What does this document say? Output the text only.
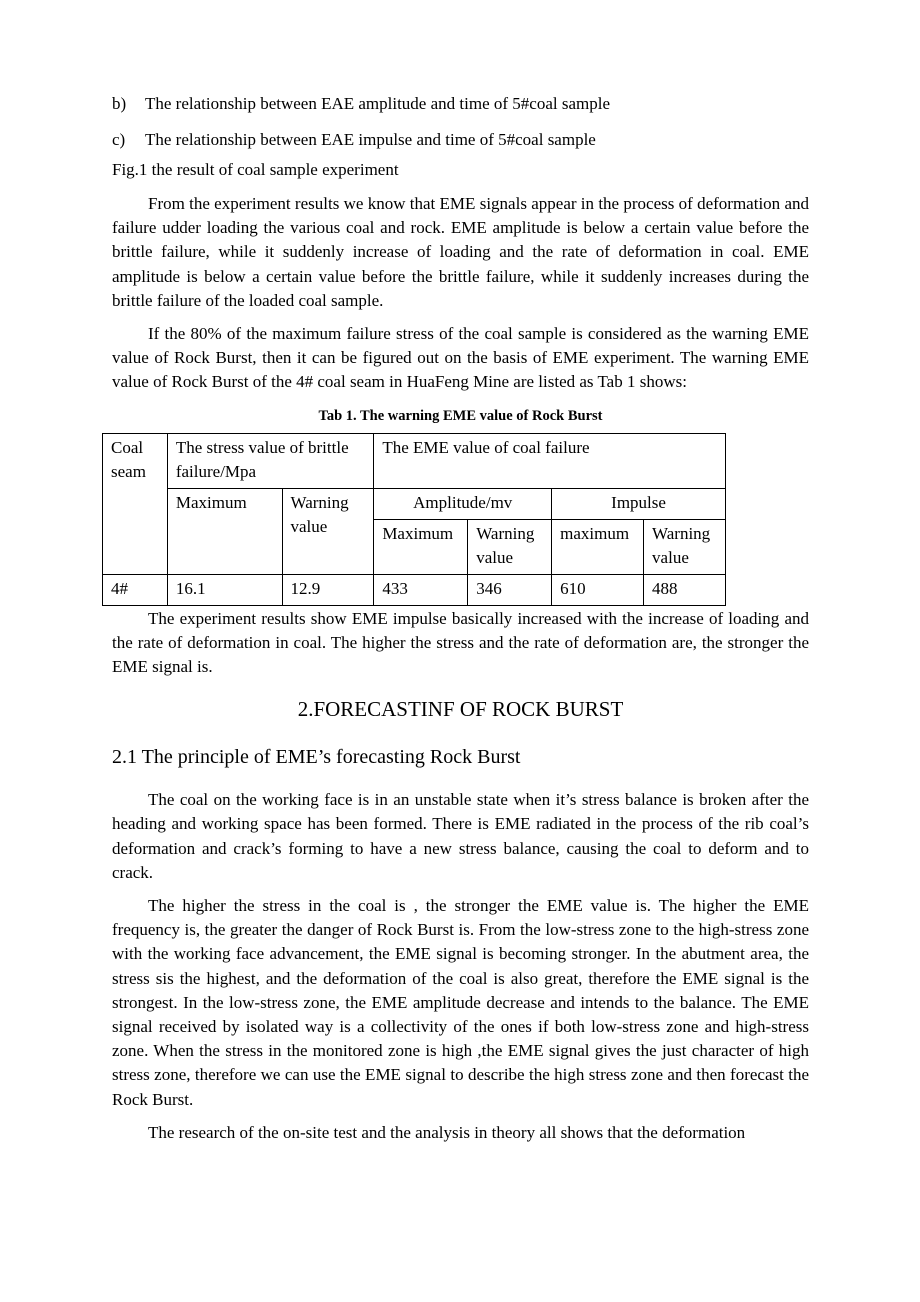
b) The relationship between EAE amplitude and time of 5#coal sample

c) The relationship between EAE impulse and time of 5#coal sample

Fig.1 the result of coal sample experiment

From the experiment results we know that EME signals appear in the process of deformation and failure udder loading the various coal and rock. EME amplitude is below a certain value before the brittle failure, while it suddenly increase of loading and the rate of deformation in coal. EME amplitude is below a certain value before the brittle failure, while it suddenly increases during the brittle failure of the loaded coal sample.

If the 80% of the maximum failure stress of the coal sample is considered as the warning EME value of Rock Burst, then it can be figured out on the basis of EME experiment. The warning EME value of Rock Burst of the 4# coal seam in HuaFeng Mine are listed as Tab 1 shows:

Tab 1. The warning EME value of Rock Burst

Coal seam	The stress value of brittle failure/Mpa		The EME value of coal failure			
	Maximum	Warning value	Amplitude/mv		Impulse	
			Maximum	Warning value	maximum	Warning value
4#	16.1	12.9	433	346	610	488

The experiment results show EME impulse basically increased with the increase of loading and the rate of deformation in coal. The higher the stress and the rate of deformation are, the stronger the EME signal is.

2.FORECASTINF OF ROCK BURST
2.1 The principle of EME’s forecasting Rock Burst

The coal on the working face is in an unstable state when it’s stress balance is broken after the heading and working space has been formed. There is EME radiated in the process of the rib coal’s deformation and crack’s forming to have a new stress balance, causing the coal to deform and to crack.

The higher the stress in the coal is , the stronger the EME value is. The higher the EME frequency is, the greater the danger of Rock Burst is. From the low-stress zone to the high-stress zone with the working face advancement, the EME signal is becoming stronger. In the abutment area, the stress sis the highest, and the deformation of the coal is also great, therefore the EME signal is the strongest. In the low-stress zone, the EME amplitude decrease and intends to the balance. The EME signal received by isolated way is a collectivity of the ones if both low-stress zone and high-stress zone. When the stress in the monitored zone is high ,the EME signal gives the just character of high stress zone, therefore we can use the EME signal to describe the high stress zone and then forecast the Rock Burst.

The research of the on-site test and the analysis in theory all shows that the deformation
